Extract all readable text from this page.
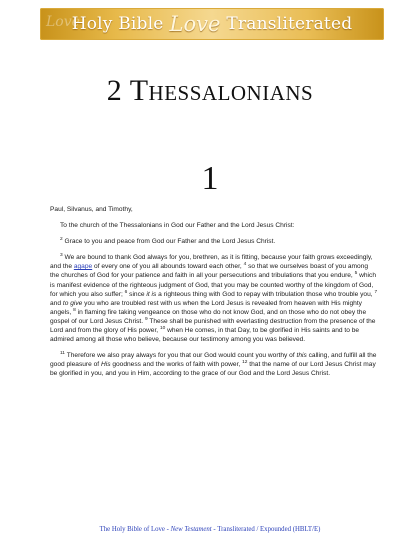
Love
Holy Bible Love Transliterated
2 Thessalonians
1

Paul, Silvanus, and Timothy,

To the church of the Thessalonians in God our Father and the Lord Jesus Christ:

$^2$ Grace to you and peace from God our Father and the Lord Jesus Christ.

$^3$ We are bound to thank God always for you, brethren, as it is fitting, because your faith grows exceedingly, and the agape of every one of you all abounds toward each other, $^4$ so that we ourselves boast of you among the churches of God for your patience and faith in all your persecutions and tribulations that you endure, $^5$ which is manifest evidence of the righteous judgment of God, that you may be counted worthy of the kingdom of God, for which you also suffer; $^6$ since it is a righteous thing with God to repay with tribulation those who trouble you, $^7$ and to give you who are troubled rest with us when the Lord Jesus is revealed from heaven with His mighty angels, $^8$ in flaming fire taking vengeance on those who do not know God, and on those who do not obey the gospel of our Lord Jesus Christ. $^9$ These shall be punished with everlasting destruction from the presence of the Lord and from the glory of His power, $^{10}$ when He comes, in that Day, to be glorified in His saints and to be admired among all those who believe, because our testimony among you was believed.

$^{11}$ Therefore we also pray always for you that our God would count you worthy of this calling, and fulfill all the good pleasure of His goodness and the works of faith with power, $^{12}$ that the name of our Lord Jesus Christ may be glorified in you, and you in Him, according to the grace of our God and the Lord Jesus Christ.

The Holy Bible of Love - New Testament - Transliterated / Expounded (HBLT/E)
